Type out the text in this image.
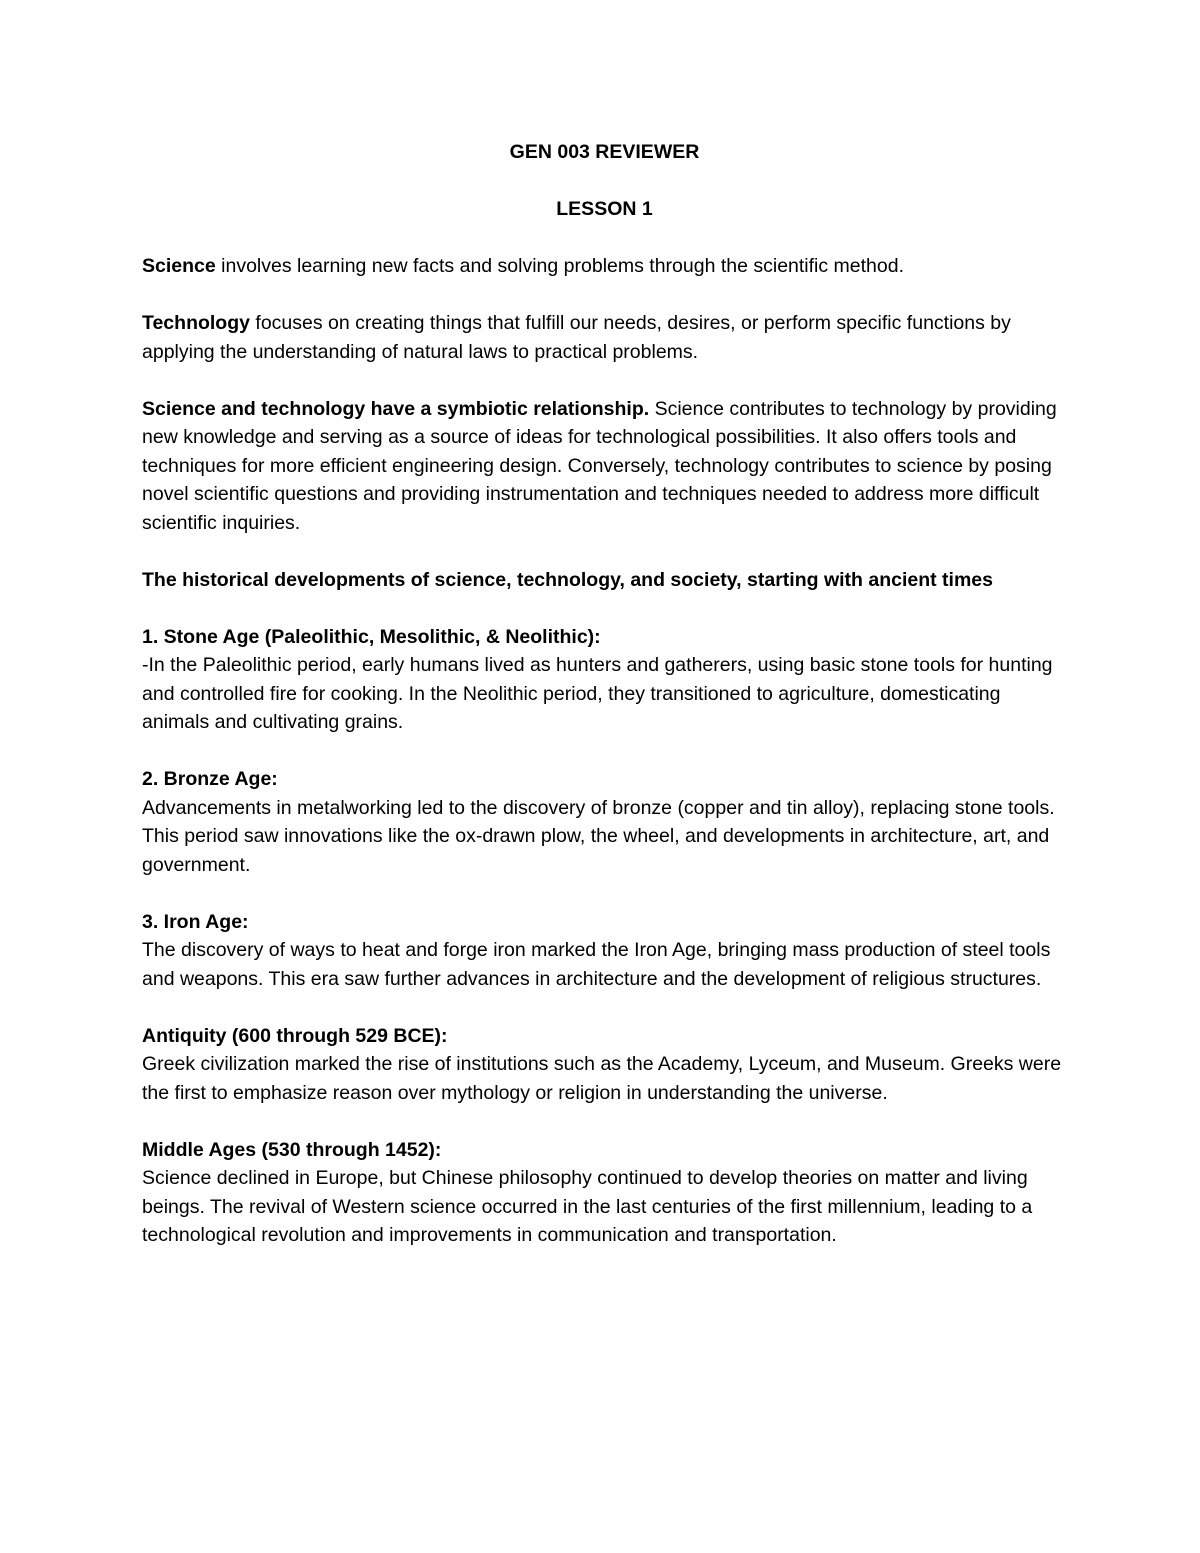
GEN 003 REVIEWER
LESSON 1

Science involves learning new facts and solving problems through the scientific method.

Technology focuses on creating things that fulfill our needs, desires, or perform specific functions by applying the understanding of natural laws to practical problems.

Science and technology have a symbiotic relationship. Science contributes to technology by providing new knowledge and serving as a source of ideas for technological possibilities. It also offers tools and techniques for more efficient engineering design. Conversely, technology contributes to science by posing novel scientific questions and providing instrumentation and techniques needed to address more difficult scientific inquiries.

The historical developments of science, technology, and society, starting with ancient times

1. Stone Age (Paleolithic, Mesolithic, & Neolithic):
-In the Paleolithic period, early humans lived as hunters and gatherers, using basic stone tools for hunting and controlled fire for cooking. In the Neolithic period, they transitioned to agriculture, domesticating animals and cultivating grains.
2. Bronze Age:
Advancements in metalworking led to the discovery of bronze (copper and tin alloy), replacing stone tools. This period saw innovations like the ox-drawn plow, the wheel, and developments in architecture, art, and government.
3. Iron Age:
The discovery of ways to heat and forge iron marked the Iron Age, bringing mass production of steel tools and weapons. This era saw further advances in architecture and the development of religious structures.
Antiquity (600 through 529 BCE):
Greek civilization marked the rise of institutions such as the Academy, Lyceum, and Museum. Greeks were the first to emphasize reason over mythology or religion in understanding the universe.
Middle Ages (530 through 1452):
Science declined in Europe, but Chinese philosophy continued to develop theories on matter and living beings. The revival of Western science occurred in the last centuries of the first millennium, leading to a technological revolution and improvements in communication and transportation.
